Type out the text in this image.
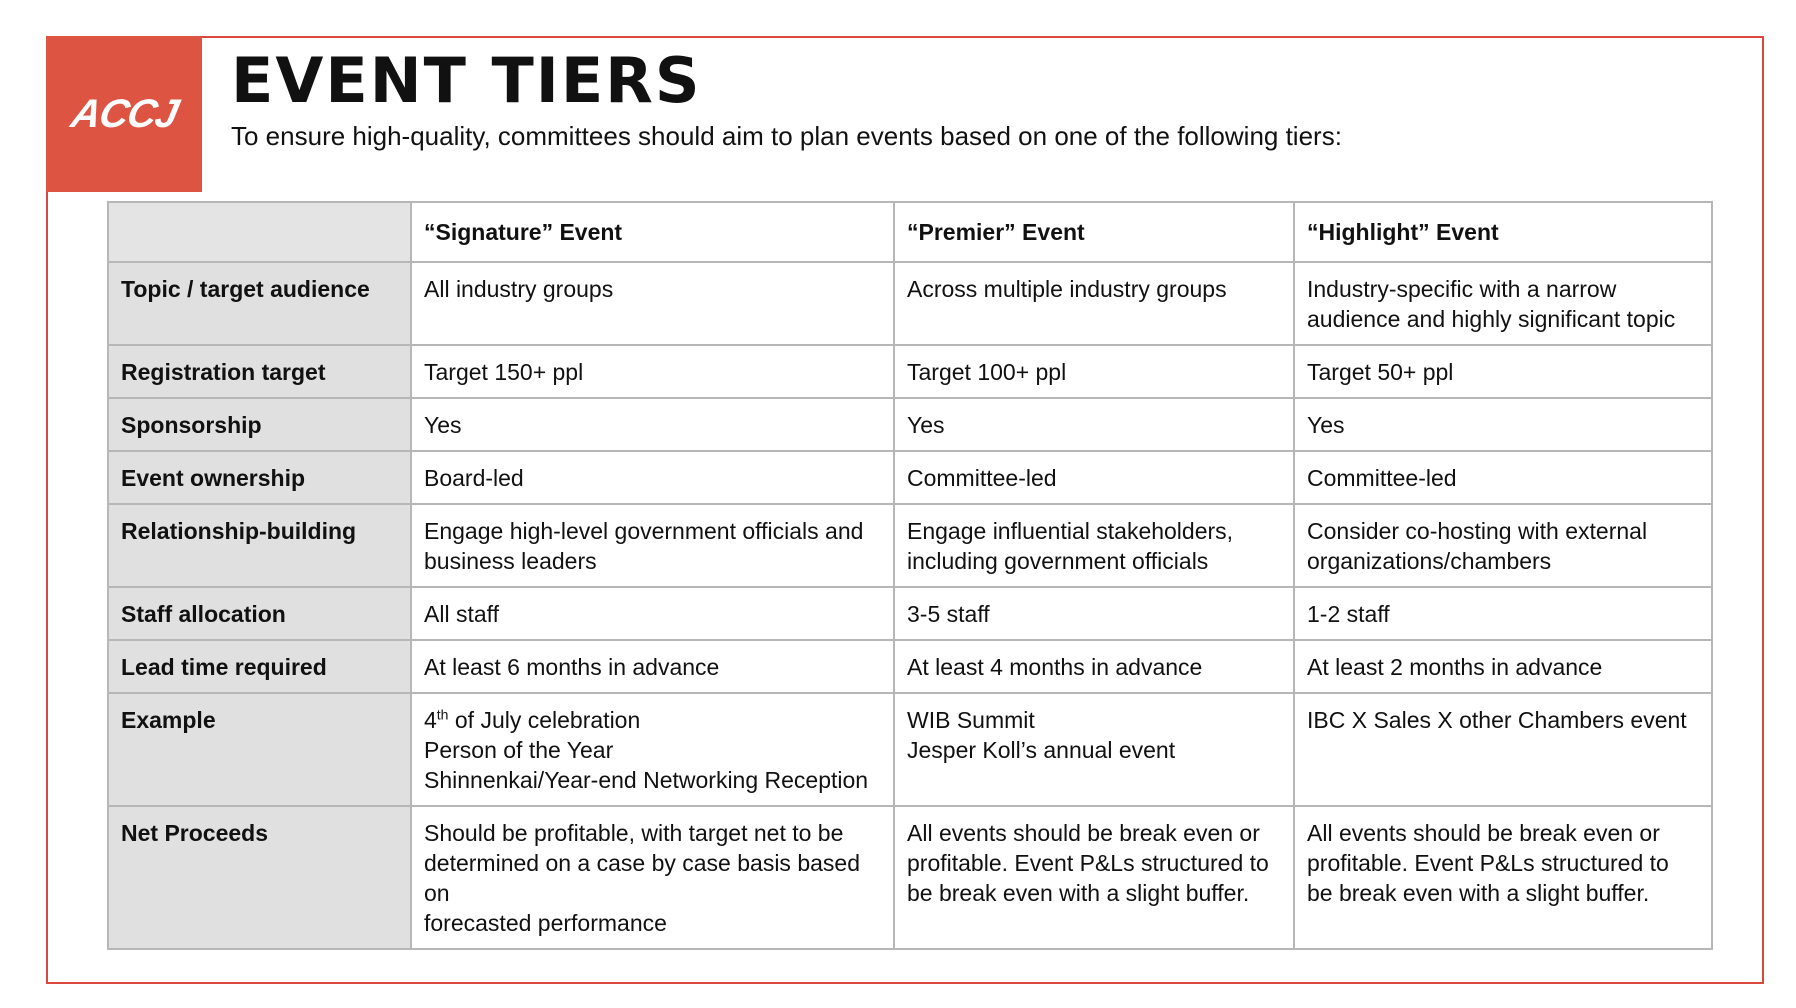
ACCJ EVENT TIERS
To ensure high-quality, committees should aim to plan events based on one of the following tiers:
	“Signature” Event	“Premier” Event	“Highlight” Event
Topic / target audience	All industry groups	Across multiple industry groups	Industry-specific with a narrow
audience and highly significant topic

Registration target	Target 150+ ppl	Target 100+ ppl	Target 50+ ppl

Sponsorship	Yes	Yes	Yes

Event ownership	Board-led	Committee-led	Committee-led

Relationship-building	Engage high-level government officials and
business leaders	Engage influential stakeholders,
including government officials	Consider co-hosting with external
organizations/chambers

Staff allocation	All staff	3-5 staff	1-2 staff

Lead time required	At least 6 months in advance	At least 4 months in advance	At least 2 months in advance

Example	4th of July celebration
Person of the Year
Shinnenkai/Year-end Networking Reception	WIB Summit
Jesper Koll’s annual event	IBC X Sales X other Chambers event

Net Proceeds	Should be profitable, with target net to be
determined on a case by case basis based on
forecasted performance	All events should be break even or
profitable. Event P&Ls structured to
be break even with a slight buffer.	All events should be break even or
profitable. Event P&Ls structured to
be break even with a slight buffer.
